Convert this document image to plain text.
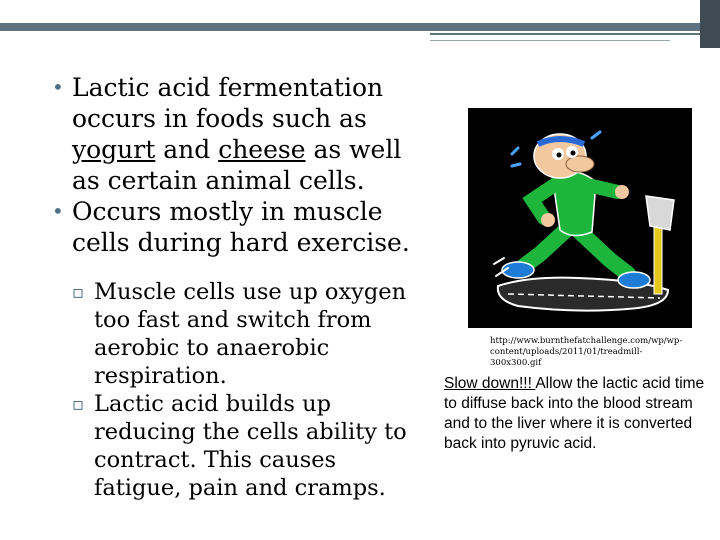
• Lactic acid fermentation occurs in foods such as yogurt and cheese as well as certain animal cells.
• Occurs mostly in muscle cells during hard exercise.
▫ Muscle cells use up oxygen too fast and switch from aerobic to anaerobic respiration.
▫ Lactic acid builds up reducing the cells ability to contract. This causes fatigue, pain and cramps.
http://www.burnthefatchallenge.com/wp/wp-content/uploads/2011/01/treadmill-300x300.gif
Slow down!!! Allow the lactic acid time to diffuse back into the blood stream and to the liver where it is converted back into pyruvic acid.
